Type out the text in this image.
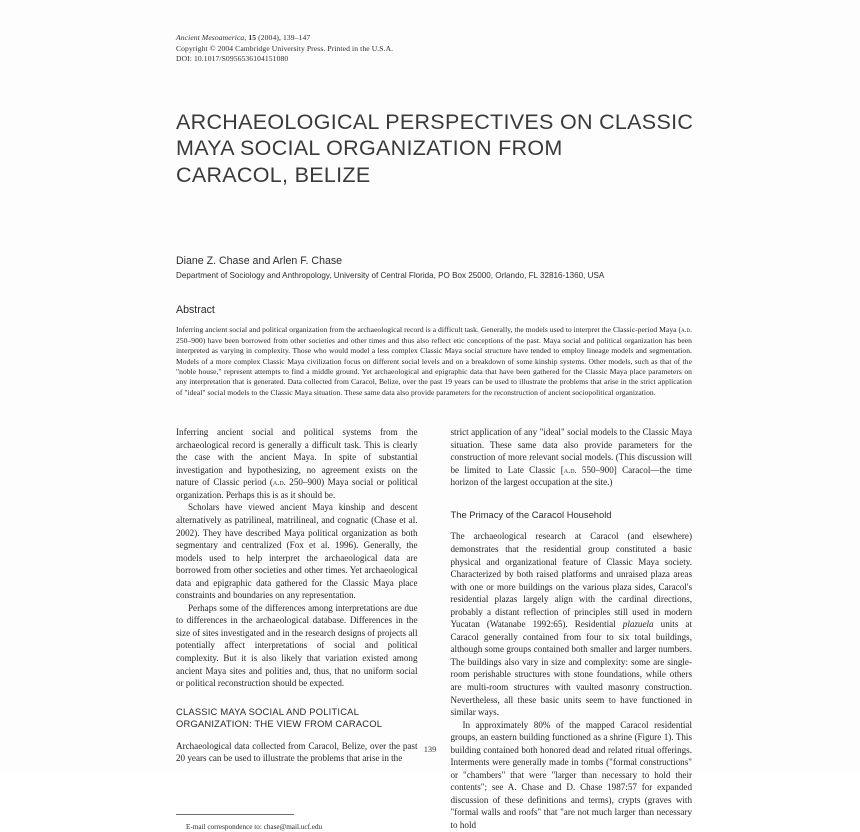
Ancient Mesoamerica, 15 (2004), 139–147
Copyright © 2004 Cambridge University Press. Printed in the U.S.A.
DOI: 10.1017/S0956536104151080
ARCHAEOLOGICAL PERSPECTIVES ON CLASSIC
MAYA SOCIAL ORGANIZATION FROM
CARACOL, BELIZE
Diane Z. Chase and Arlen F. Chase
Department of Sociology and Anthropology, University of Central Florida, PO Box 25000, Orlando, FL 32816-1360, USA
Abstract
Inferring ancient social and political organization from the archaeological record is a difficult task. Generally, the models used to interpret the Classic-period Maya (a.d. 250–900) have been borrowed from other societies and other times and thus also reflect etic conceptions of the past. Maya social and political organization has been interpreted as varying in complexity. Those who would model a less complex Classic Maya social structure have tended to employ lineage models and segmentation. Models of a more complex Classic Maya civilization focus on different social levels and on a breakdown of some kinship systems. Other models, such as that of the "noble house," represent attempts to find a middle ground. Yet archaeological and epigraphic data that have been gathered for the Classic Maya place parameters on any interpretation that is generated. Data collected from Caracol, Belize, over the past 19 years can be used to illustrate the problems that arise in the strict application of "ideal" social models to the Classic Maya situation. These same data also provide parameters for the reconstruction of ancient sociopolitical organization.

Inferring ancient social and political systems from the archaeological record is generally a difficult task. This is clearly the case with the ancient Maya. In spite of substantial investigation and hypothesizing, no agreement exists on the nature of Classic period (a.d. 250–900) Maya social or political organization. Perhaps this is as it should be.

Scholars have viewed ancient Maya kinship and descent alternatively as patrilineal, matrilineal, and cognatic (Chase et al. 2002). They have described Maya political organization as both segmentary and centralized (Fox et al. 1996). Generally, the models used to help interpret the archaeological data are borrowed from other societies and other times. Yet archaeological data and epigraphic data gathered for the Classic Maya place constraints and boundaries on any representation.

Perhaps some of the differences among interpretations are due to differences in the archaeological database. Differences in the size of sites investigated and in the research designs of projects all potentially affect interpretations of social and political complexity. But it is also likely that variation existed among ancient Maya sites and polities and, thus, that no uniform social or political reconstruction should be expected.

CLASSIC MAYA SOCIAL AND POLITICAL
ORGANIZATION: THE VIEW FROM CARACOL

Archaeological data collected from Caracol, Belize, over the past 20 years can be used to illustrate the problems that arise in the

E-mail correspondence to: chase@mail.ucf.edu

strict application of any "ideal" social models to the Classic Maya situation. These same data also provide parameters for the construction of more relevant social models. (This discussion will be limited to Late Classic [a.d. 550–900] Caracol—the time horizon of the largest occupation at the site.)

The Primacy of the Caracol Household

The archaeological research at Caracol (and elsewhere) demonstrates that the residential group constituted a basic physical and organizational feature of Classic Maya society. Characterized by both raised platforms and unraised plaza areas with one or more buildings on the various plaza sides, Caracol's residential plazas largely align with the cardinal directions, probably a distant reflection of principles still used in modern Yucatan (Watanabe 1992:65). Residential plazuela units at Caracol generally contained from four to six total buildings, although some groups contained both smaller and larger numbers. The buildings also vary in size and complexity: some are single-room perishable structures with stone foundations, while others are multi-room structures with vaulted masonry construction. Nevertheless, all these basic units seem to have functioned in similar ways.

In approximately 80% of the mapped Caracol residential groups, an eastern building functioned as a shrine (Figure 1). This building contained both honored dead and related ritual offerings. Interments were generally made in tombs ("formal constructions" or "chambers" that were "larger than necessary to hold their contents"; see A. Chase and D. Chase 1987:57 for expanded discussion of these definitions and terms), crypts (graves with "formal walls and roofs" that "are not much larger than necessary to hold

139
